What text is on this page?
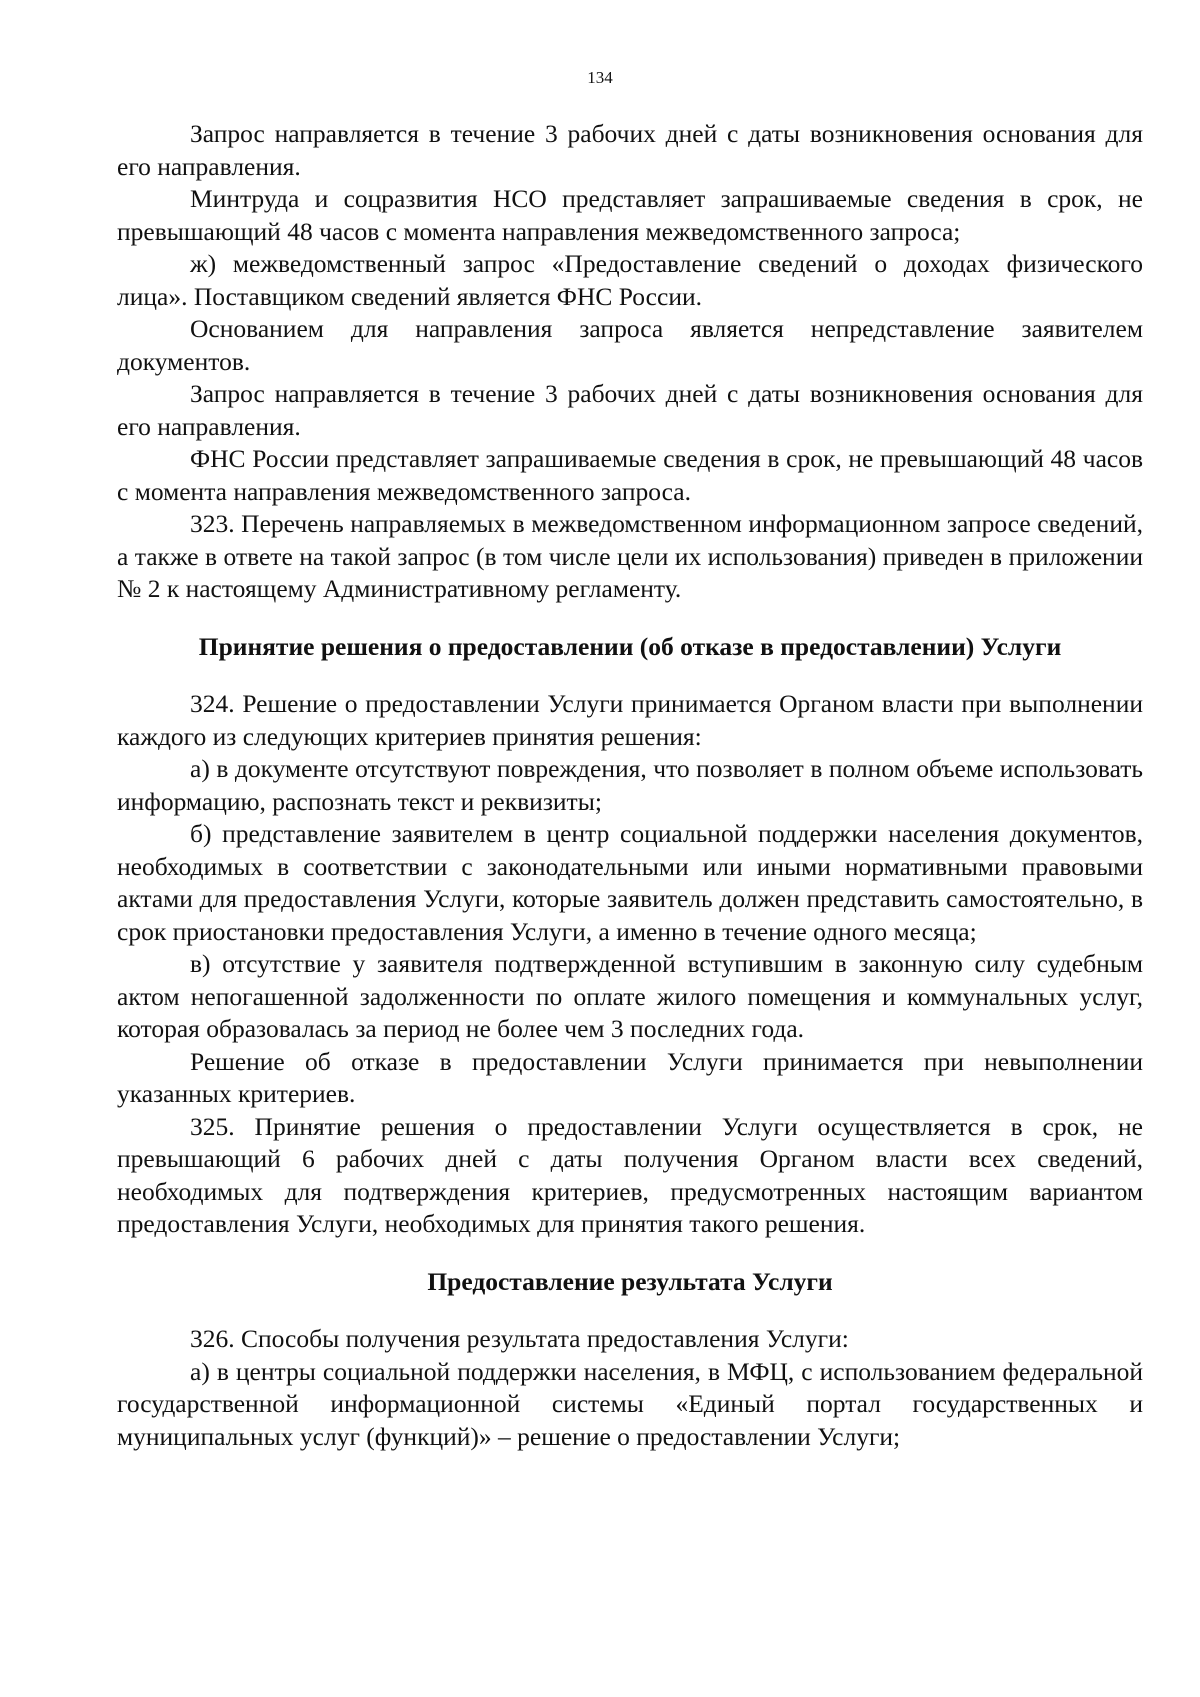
134

Запрос направляется в течение 3 рабочих дней с даты возникновения основания для его направления.

Минтруда и соцразвития НСО представляет запрашиваемые сведения в срок, не превышающий 48 часов с момента направления межведомственного запроса;

ж) межведомственный запрос «Предоставление сведений о доходах физического лица». Поставщиком сведений является ФНС России.

Основанием для направления запроса является непредставление заявителем документов.

Запрос направляется в течение 3 рабочих дней с даты возникновения основания для его направления.

ФНС России представляет запрашиваемые сведения в срок, не превышающий 48 часов с момента направления межведомственного запроса.

323. Перечень направляемых в межведомственном информационном запросе сведений, а также в ответе на такой запрос (в том числе цели их использования) приведен в приложении № 2 к настоящему Административному регламенту.

Принятие решения о предоставлении (об отказе в предоставлении) Услуги

324. Решение о предоставлении Услуги принимается Органом власти при выполнении каждого из следующих критериев принятия решения:

а) в документе отсутствуют повреждения, что позволяет в полном объеме использовать информацию, распознать текст и реквизиты;

б) представление заявителем в центр социальной поддержки населения документов, необходимых в соответствии с законодательными или иными нормативными правовыми актами для предоставления Услуги, которые заявитель должен представить самостоятельно, в срок приостановки предоставления Услуги, а именно в течение одного месяца;

в) отсутствие у заявителя подтвержденной вступившим в законную силу судебным актом непогашенной задолженности по оплате жилого помещения и коммунальных услуг, которая образовалась за период не более чем 3 последних года.

Решение об отказе в предоставлении Услуги принимается при невыполнении указанных критериев.

325. Принятие решения о предоставлении Услуги осуществляется в срок, не превышающий 6 рабочих дней с даты получения Органом власти всех сведений, необходимых для подтверждения критериев, предусмотренных настоящим вариантом предоставления Услуги, необходимых для принятия такого решения.

Предоставление результата Услуги

326. Способы получения результата предоставления Услуги:

а) в центры социальной поддержки населения, в МФЦ, с использованием федеральной государственной информационной системы «Единый портал государственных и муниципальных услуг (функций)» – решение о предоставлении Услуги;
